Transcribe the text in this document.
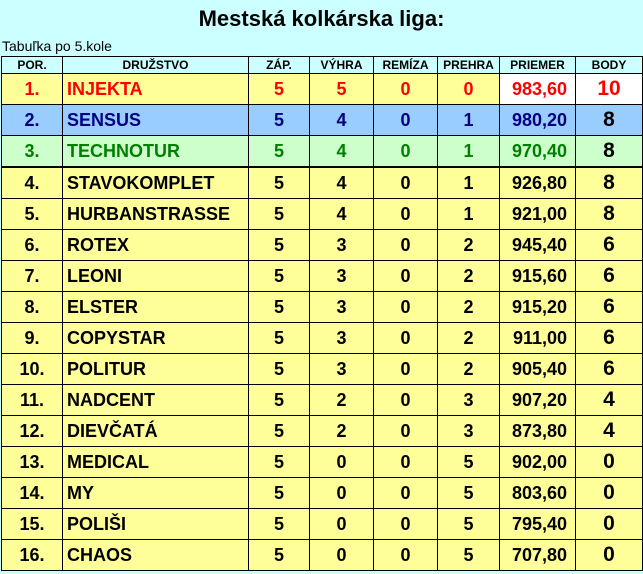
Mestská kolkárska liga:
Tabuľka po 5.kole
POR.	DRUŽSTVO	ZÁP.	VÝHRA	REMÍZA	PREHRA	PRIEMER	BODY
1.	INJEKTA	5	5	0	0	983,60	10
2.	SENSUS	5	4	0	1	980,20	8
3.	TECHNOTUR	5	4	0	1	970,40	8
4.	STAVOKOMPLET	5	4	0	1	926,80	8
5.	HURBANSTRASSE	5	4	0	1	921,00	8
6.	ROTEX	5	3	0	2	945,40	6
7.	LEONI	5	3	0	2	915,60	6
8.	ELSTER	5	3	0	2	915,20	6
9.	COPYSTAR	5	3	0	2	911,00	6
10.	POLITUR	5	3	0	2	905,40	6
11.	NADCENT	5	2	0	3	907,20	4
12.	DIEVČATÁ	5	2	0	3	873,80	4
13.	MEDICAL	5	0	0	5	902,00	0
14.	MY	5	0	0	5	803,60	0
15.	POLIŠI	5	0	0	5	795,40	0
16.	CHAOS	5	0	0	5	707,80	0
